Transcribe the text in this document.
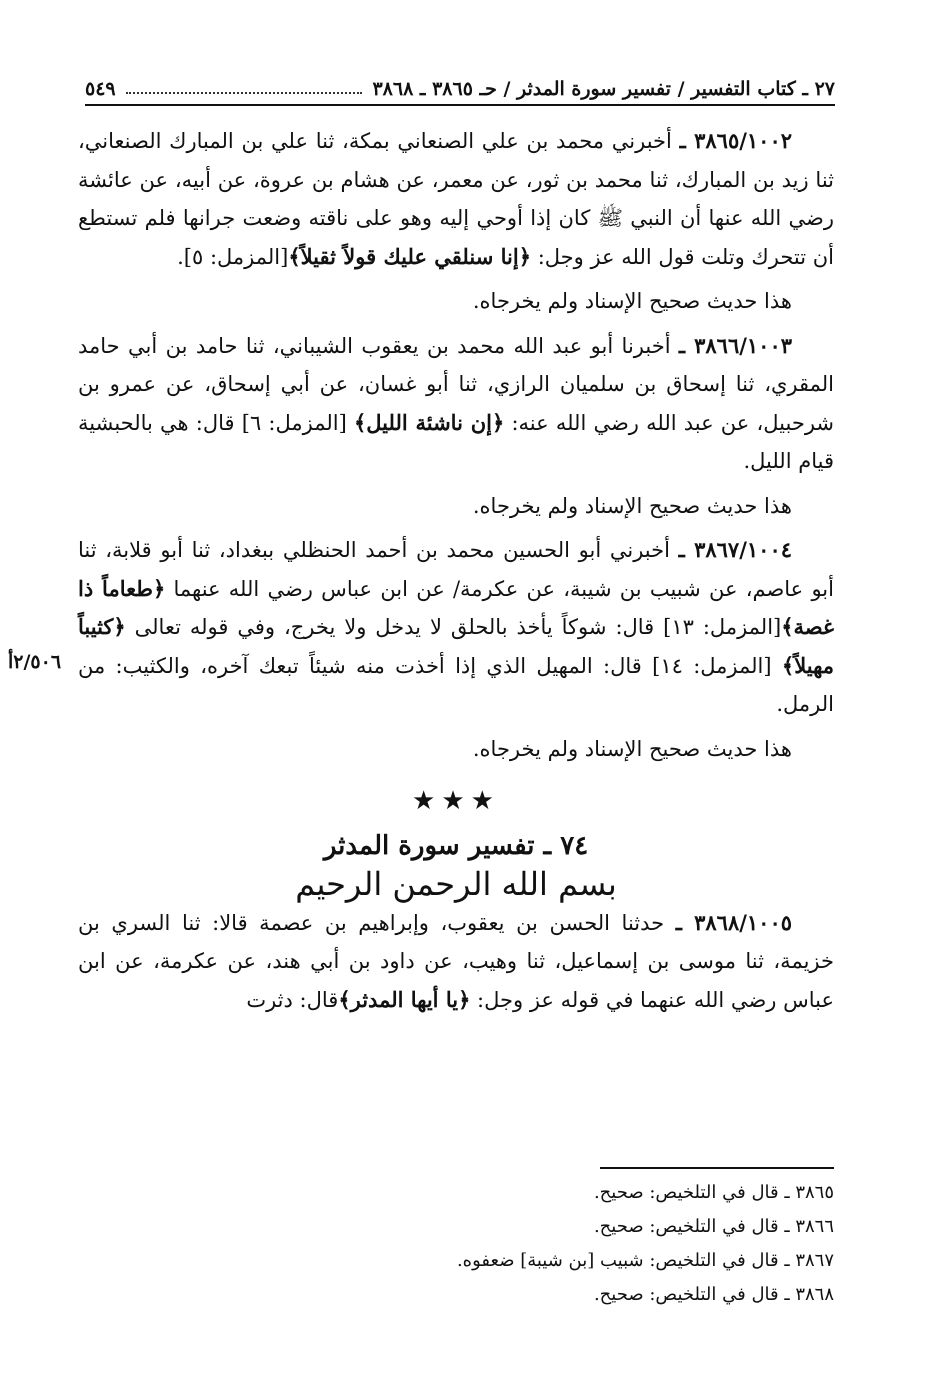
٢٧ ـ كتاب التفسير / تفسير سورة المدثر / حـ ٣٨٦٥ ـ ٣٨٦٨
٥٤٩
٢/٥٠٦أ

٣٨٦٥/١٠٠٢ ـ أخبرني محمد بن علي الصنعاني بمكة، ثنا علي بن المبارك الصنعاني، ثنا زيد بن المبارك، ثنا محمد بن ثور، عن معمر، عن هشام بن عروة، عن أبيه، عن عائشة رضي الله عنها أن النبي ﷺ كان إذا أوحي إليه وهو على ناقته وضعت جرانها فلم تستطع أن تتحرك وتلت قول الله عز وجل: ﴿إنا سنلقي عليك قولاً ثقيلاً﴾[المزمل: ٥].

هذا حديث صحيح الإسناد ولم يخرجاه.

٣٨٦٦/١٠٠٣ ـ أخبرنا أبو عبد الله محمد بن يعقوب الشيباني، ثنا حامد بن أبي حامد المقري، ثنا إسحاق بن سلميان الرازي، ثنا أبو غسان، عن أبي إسحاق، عن عمرو بن شرحبيل، عن عبد الله رضي الله عنه: ﴿إن ناشئة الليل﴾ [المزمل: ٦] قال: هي بالحبشية قيام الليل.

هذا حديث صحيح الإسناد ولم يخرجاه.

٣٨٦٧/١٠٠٤ ـ أخبرني أبو الحسين محمد بن أحمد الحنظلي ببغداد، ثنا أبو قلابة، ثنا أبو عاصم، عن شبيب بن شيبة، عن عكرمة/ عن ابن عباس رضي الله عنهما ﴿طعاماً ذا غصة﴾[المزمل: ١٣] قال: شوكاً يأخذ بالحلق لا يدخل ولا يخرج، وفي قوله تعالى ﴿كثيباً مهيلاً﴾ [المزمل: ١٤] قال: المهيل الذي إذا أخذت منه شيئاً تبعك آخره، والكثيب: من الرمل.

هذا حديث صحيح الإسناد ولم يخرجاه.

★★★

٧٤ ـ تفسير سورة المدثر

بسم الله الرحمن الرحيم

٣٨٦٨/١٠٠٥ ـ حدثنا الحسن بن يعقوب، وإبراهيم بن عصمة قالا: ثنا السري بن خزيمة، ثنا موسى بن إسماعيل، ثنا وهيب، عن داود بن أبي هند، عن عكرمة، عن ابن عباس رضي الله عنهما في قوله عز وجل: ﴿يا أيها المدثر﴾قال: دثرت

٣٨٦٥ ـ قال في التلخيص: صحيح.
٣٨٦٦ ـ قال في التلخيص: صحيح.
٣٨٦٧ ـ قال في التلخيص: شبيب [بن شيبة] ضعفوه.
٣٨٦٨ ـ قال في التلخيص: صحيح.
